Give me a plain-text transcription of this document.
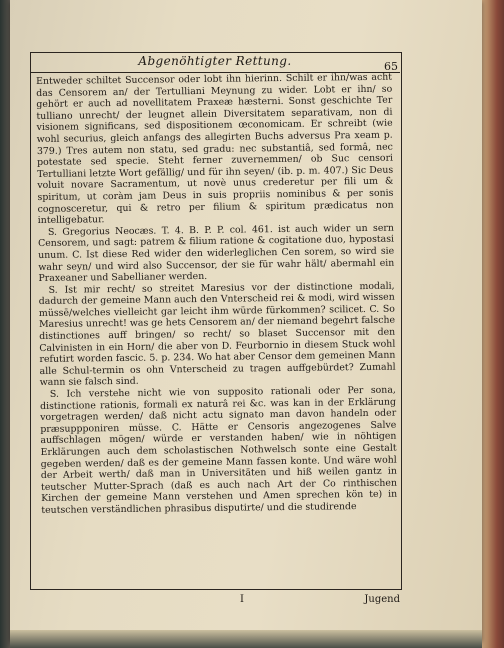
Abgenöhtigter Rettung.	65

Entweder schiltet Succensor oder lobt ihn hierinn. Schilt er ihn/was acht das Censorem an/ der Tertulliani Meynung zu wider. Lobt er ihn/ so gehört er auch ad novellitatem Praxeæ hæsterni. Sonst geschichte Ter tulliano unrecht/ der leugnet allein Diversitatem separativam, non di visionem significans, sed dispositionem œconomicam. Er schreibt (wie wohl securius, gleich anfangs des allegirten Buchs adversus Pra xeam p. 379.) Tres autem non statu, sed gradu: nec substantiâ, sed formâ, nec potestate sed specie. Steht ferner zuvernemmen/ ob Suc censori Tertulliani letzte Wort gefällig/ und für ihn seyen/ (ib. p. m. 407.) Sic Deus voluit novare Sacramentum, ut novè unus crederetur per fili um & spiritum, ut coràm jam Deus in suis propriis nominibus & per sonis cognosceretur, qui & retro per filium & spiritum prædicatus non intelligebatur.

S. Gregorius Neocæs. T. 4. B. P. P. col. 461. ist auch wider un sern Censorem, und sagt: patrem & filium ratione & cogitatione duo, hypostasi unum. C. Ist diese Red wider den widerleglichen Cen sorem, so wird sie wahr seyn/ und wird also Succensor, der sie für wahr hält/ abermahl ein Praxeaner und Sabellianer werden.

S. Ist mir recht/ so streitet Maresius vor der distinctione modali, dadurch der gemeine Mann auch den Vnterscheid rei & modi, wird wissen müssē/welches vielleicht gar leicht ihm würde fürkommen? scilicet. C. So Maresius unrecht! was ge hets Censorem an/ der niemand begehrt falsche distinctiones auff bringen/ so recht/ so blaset Succensor mit den Calvinisten in ein Horn/ die aber von D. Feurbornio in diesem Stuck wohl refutirt worden fascic. 5. p. 234. Wo hat aber Censor dem gemeinen Mann alle Schul-termin os ohn Vnterscheid zu tragen auffgebürdet? Zumahl wann sie falsch sind.

S. Ich verstehe nicht wie von supposito rationali oder Per sona, distinctione rationis, formali ex naturâ rei &c. was kan in der Erklärung vorgetragen werden/ daß nicht actu signato man davon handeln oder præsuppponiren müsse. C. Hätte er Censoris angezogenes Salve auffschlagen mögen/ würde er verstanden haben/ wie in nöhtigen Erklärungen auch dem scholastischen Nothwelsch sonte eine Gestalt gegeben werden/ daß es der gemeine Mann fassen konte. Und wäre wohl der Arbeit werth/ daß man in Universitäten und hiß weilen gantz in teutscher Mutter-Sprach (daß es auch nach Art der Co rinthischen Kirchen der gemeine Mann verstehen und Amen sprechen kön te) in teutschen verständlichen phrasibus disputirte/ und die studirende

I	Jugend
